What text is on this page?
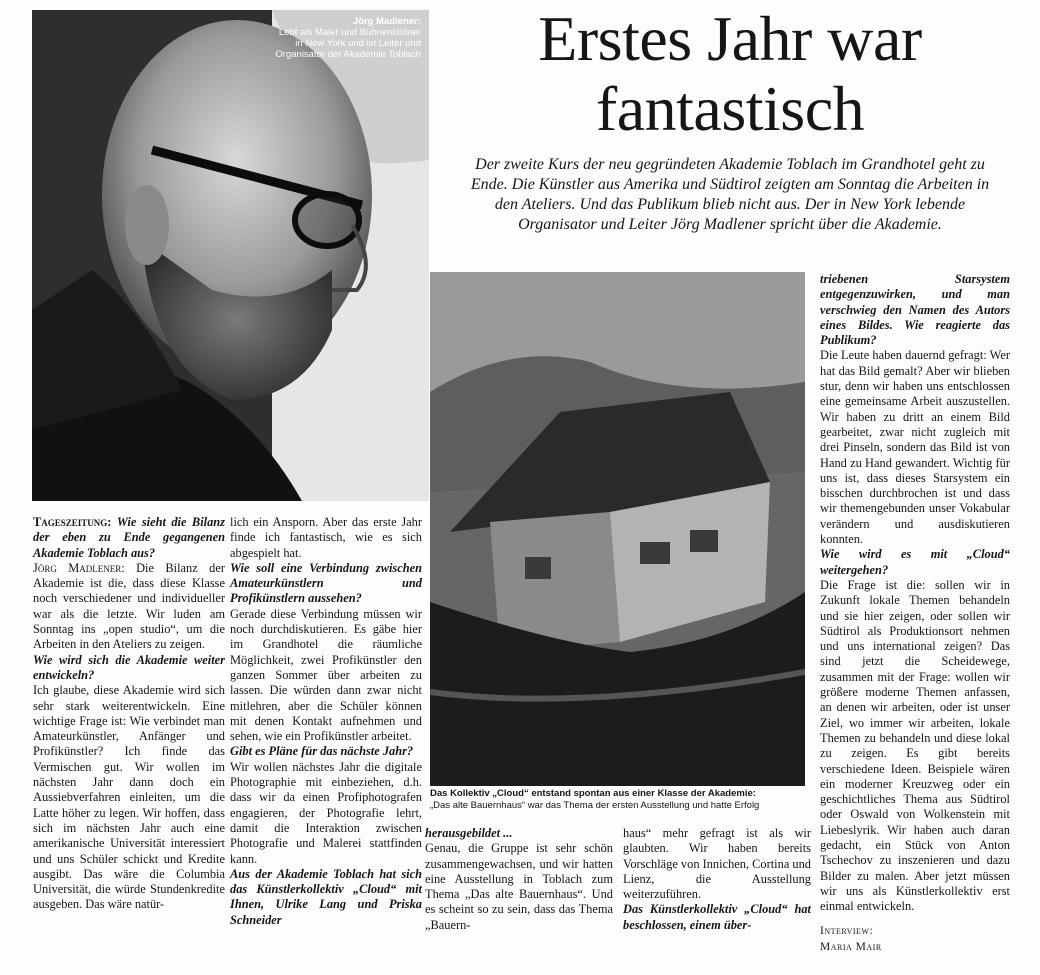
Jörg Madlener:
Lebt als Maler und Bühnenbildner in New York und ist Leiter und Organisator der Akademie Toblach	Erstes Jahr war fantastisch

Der zweite Kurs der neu gegründeten Akademie Toblach im Grandhotel geht zu Ende. Die Künstler aus Amerika und Südtirol zeigten am Sonntag die Arbeiten in den Ateliers. Und das Publikum blieb nicht aus. Der in New York lebende Organisator und Leiter Jörg Madlener spricht über die Akademie.

Das Kollektiv „Cloud“ entstand spontan aus einer Klasse der Akademie:
„Das alte Bauernhaus“ war das Thema der ersten Ausstellung und hatte Erfolg

Tageszeitung: Wie sieht die Bilanz der eben zu Ende gegangenen Akademie Toblach aus?

Jörg Madlener: Die Bilanz der Akademie ist die, dass diese Klasse noch verschiedener und individueller war als die letzte. Wir luden am Sonntag ins „open studio“, um die Arbeiten in den Ateliers zu zeigen.

Wie wird sich die Akademie weiter entwickeln?

Ich glaube, diese Akademie wird sich sehr stark weiterentwickeln. Eine wichtige Frage ist: Wie verbindet man Amateurkünstler, Anfänger und Profikünstler? Ich finde das Vermischen gut. Wir wollen im nächsten Jahr dann doch ein Aussiebverfahren einleiten, um die Latte höher zu legen. Wir hoffen, dass sich im nächsten Jahr auch eine amerikanische Universität interessiert und uns Schüler schickt und Kredite ausgibt. Das wäre die Columbia Universität, die würde Stundenkredite ausgeben. Das wäre natür-

lich ein Ansporn. Aber das erste Jahr finde ich fantastisch, wie es sich abgespielt hat.

Wie soll eine Verbindung zwischen Amateurkünstlern und Profikünstlern aussehen?

Gerade diese Verbindung müssen wir noch durchdiskutieren. Es gäbe hier im Grandhotel die räumliche Möglichkeit, zwei Profikünstler den ganzen Sommer über arbeiten zu lassen. Die würden dann zwar nicht mitlehren, aber die Schüler können mit denen Kontakt aufnehmen und sehen, wie ein Profikünstler arbeitet.

Gibt es Pläne für das nächste Jahr?

Wir wollen nächstes Jahr die digitale Photographie mit einbeziehen, d.h. dass wir da einen Profiphotografen engagieren, der Photografie lehrt, damit die Interaktion zwischen Photografie und Malerei stattfinden kann.

Aus der Akademie Toblach hat sich das Künstlerkollektiv „Cloud“ mit Ihnen, Ulrike Lang und Priska Schneider

herausgebildet ...

Genau, die Gruppe ist sehr schön zusammengewachsen, und wir hatten eine Ausstellung in Toblach zum Thema „Das alte Bauernhaus“. Und es scheint so zu sein, dass das Thema „Bauern-

haus“ mehr gefragt ist als wir glaubten. Wir haben bereits Vorschläge von Innichen, Cortina und Lienz, die Ausstellung weiterzuführen.

Das Künstlerkollektiv „Cloud“ hat beschlossen, einem über-

triebenen Starsystem entgegenzuwirken, und man verschwieg den Namen des Autors eines Bildes. Wie reagierte das Publikum?

Die Leute haben dauernd gefragt: Wer hat das Bild gemalt? Aber wir blieben stur, denn wir haben uns entschlossen eine gemeinsame Arbeit auszustellen. Wir haben zu dritt an einem Bild gearbeitet, zwar nicht zugleich mit drei Pinseln, sondern das Bild ist von Hand zu Hand gewandert. Wichtig für uns ist, dass dieses Starsystem ein bisschen durchbrochen ist und dass wir themengebunden unser Vokabular verändern und ausdiskutieren konnten.

Wie wird es mit „Cloud“ weitergehen?

Die Frage ist die: sollen wir in Zukunft lokale Themen behandeln und sie hier zeigen, oder sollen wir Südtirol als Produktionsort nehmen und uns international zeigen? Das sind jetzt die Scheidewege, zusammen mit der Frage: wollen wir größere moderne Themen anfassen, an denen wir arbeiten, oder ist unser Ziel, wo immer wir arbeiten, lokale Themen zu behandeln und diese lokal zu zeigen. Es gibt bereits verschiedene Ideen. Beispiele wären ein moderner Kreuzweg oder ein geschichtliches Thema aus Südtirol oder Oswald von Wolkenstein mit Liebeslyrik. Wir haben auch daran gedacht, ein Stück von Anton Tschechov zu inszenieren und dazu Bilder zu malen. Aber jetzt müssen wir uns als Künstlerkollektiv erst einmal entwickeln.

Interview:
Maria Mair
